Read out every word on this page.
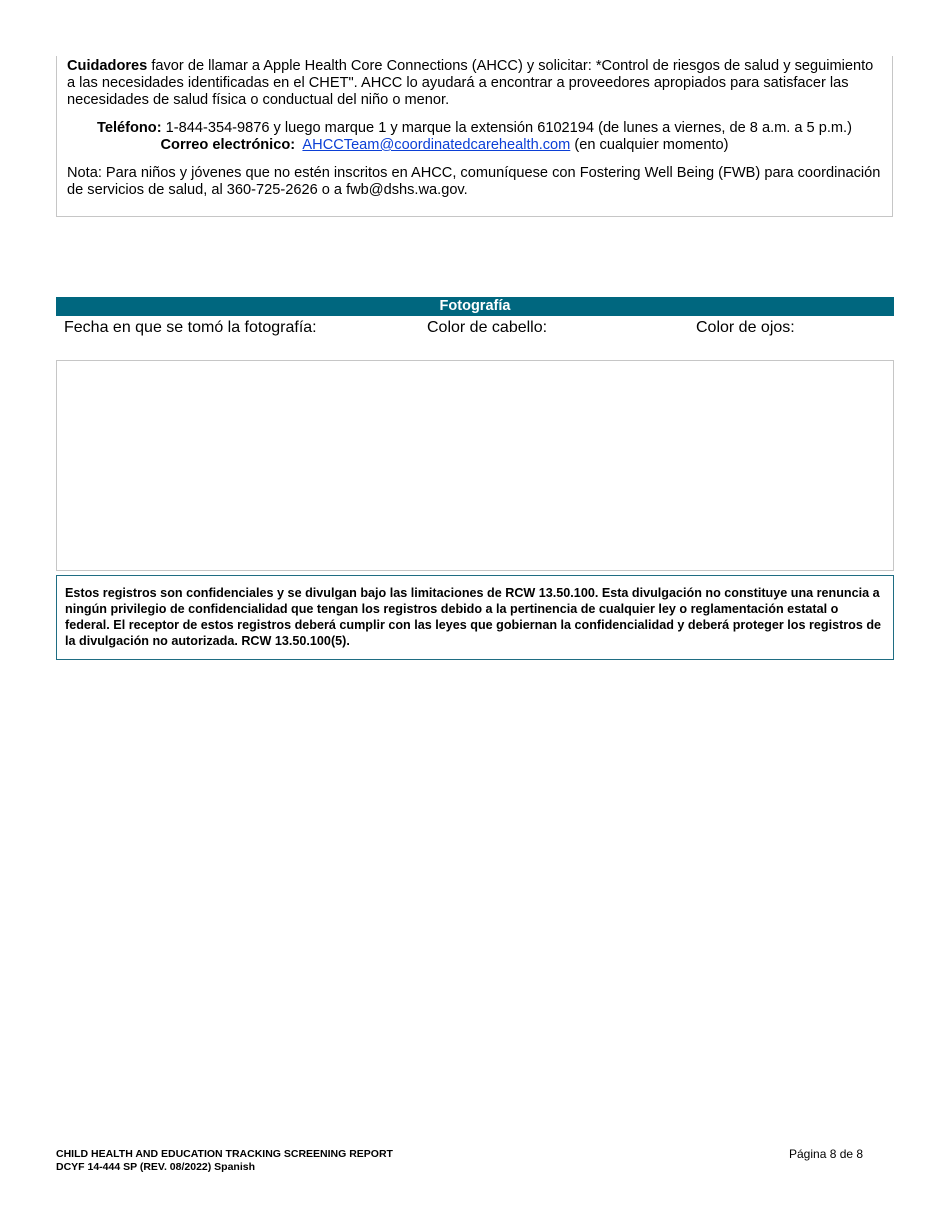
Cuidadores favor de llamar a Apple Health Core Connections (AHCC) y solicitar: *Control de riesgos de salud y seguimiento a las necesidades identificadas en el CHET". AHCC lo ayudará a encontrar a proveedores apropiados para satisfacer las necesidades de salud física o conductual del niño o menor.

Teléfono: 1-844-354-9876 y luego marque 1 y marque la extensión 6102194 (de lunes a viernes, de 8 a.m. a 5 p.m.)

Correo electrónico: AHCCTeam@coordinatedcarehealth.com (en cualquier momento)

Nota: Para niños y jóvenes que no estén inscritos en AHCC, comuníquese con Fostering Well Being (FWB) para coordinación de servicios de salud, al 360-725-2626 o a fwb@dshs.wa.gov.

Fotografía
Fecha en que se tomó la fotografía:	Color de cabello:	Color de ojos:
Estos registros son confidenciales y se divulgan bajo las limitaciones de RCW 13.50.100. Esta divulgación no constituye una renuncia a ningún privilegio de confidencialidad que tengan los registros debido a la pertinencia de cualquier ley o reglamentación estatal o federal. El receptor de estos registros deberá cumplir con las leyes que gobiernan la confidencialidad y deberá proteger los registros de la divulgación no autorizada. RCW 13.50.100(5).
CHILD HEALTH AND EDUCATION TRACKING SCREENING REPORT
DCYF 14-444 SP (REV. 08/2022) Spanish
Página 8 de 8
